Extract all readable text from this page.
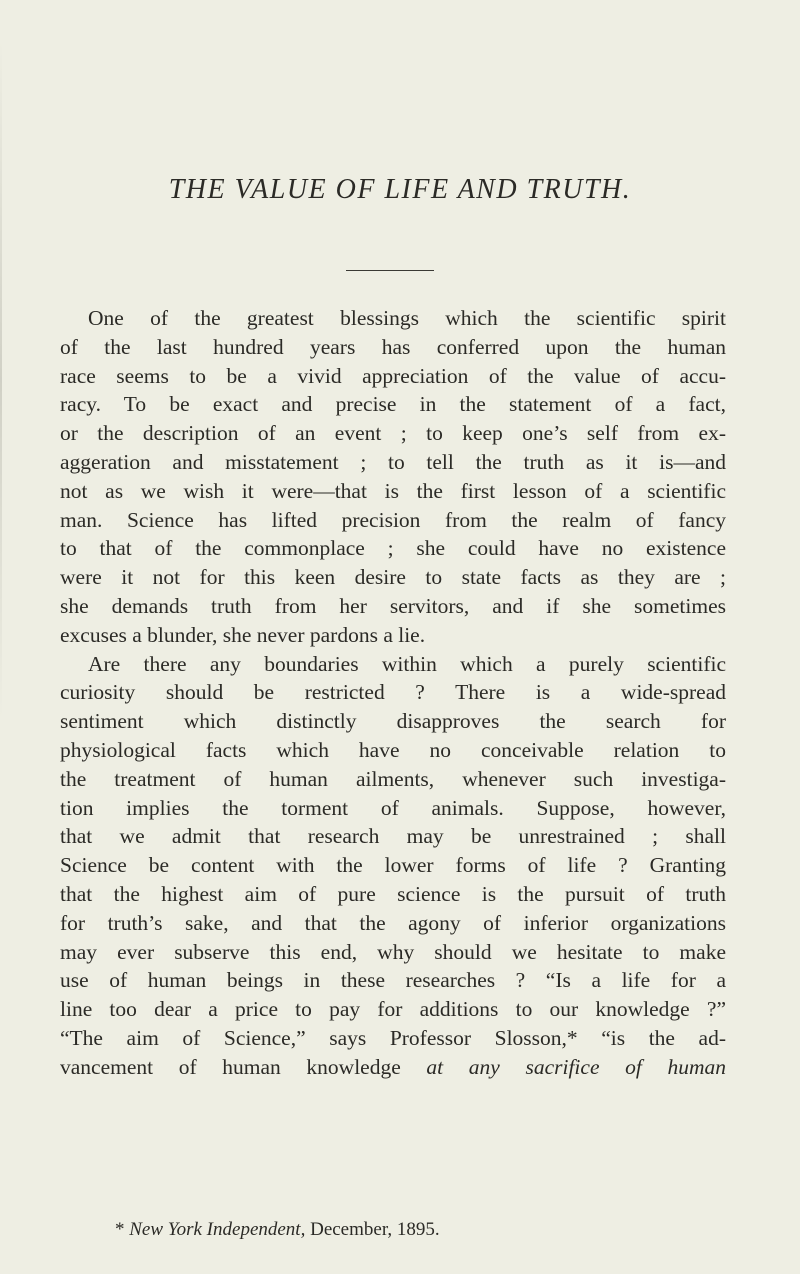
THE VALUE OF LIFE AND TRUTH.
One of the greatest blessings which the scientific spirit
of the last hundred years has conferred upon the human
race seems to be a vivid appreciation of the value of accu-
racy. To be exact and precise in the statement of a fact,
or the description of an event ; to keep one’s self from ex-
aggeration and misstatement ; to tell the truth as it is—and
not as we wish it were—that is the first lesson of a scientific
man. Science has lifted precision from the realm of fancy
to that of the commonplace ; she could have no existence
were it not for this keen desire to state facts as they are ;
she demands truth from her servitors, and if she sometimes
excuses a blunder, she never pardons a lie.
Are there any boundaries within which a purely scientific
curiosity should be restricted ? There is a wide-spread
sentiment which distinctly disapproves the search for
physiological facts which have no conceivable relation to
the treatment of human ailments, whenever such investiga-
tion implies the torment of animals. Suppose, however,
that we admit that research may be unrestrained ; shall
Science be content with the lower forms of life ? Granting
that the highest aim of pure science is the pursuit of truth
for truth’s sake, and that the agony of inferior organizations
may ever subserve this end, why should we hesitate to make
use of human beings in these researches ? “Is a life for a
line too dear a price to pay for additions to our knowledge ?”
“The aim of Science,” says Professor Slosson,* “is the ad-
vancement of human knowledge at any sacrifice of human
* New York Independent, December, 1895.
